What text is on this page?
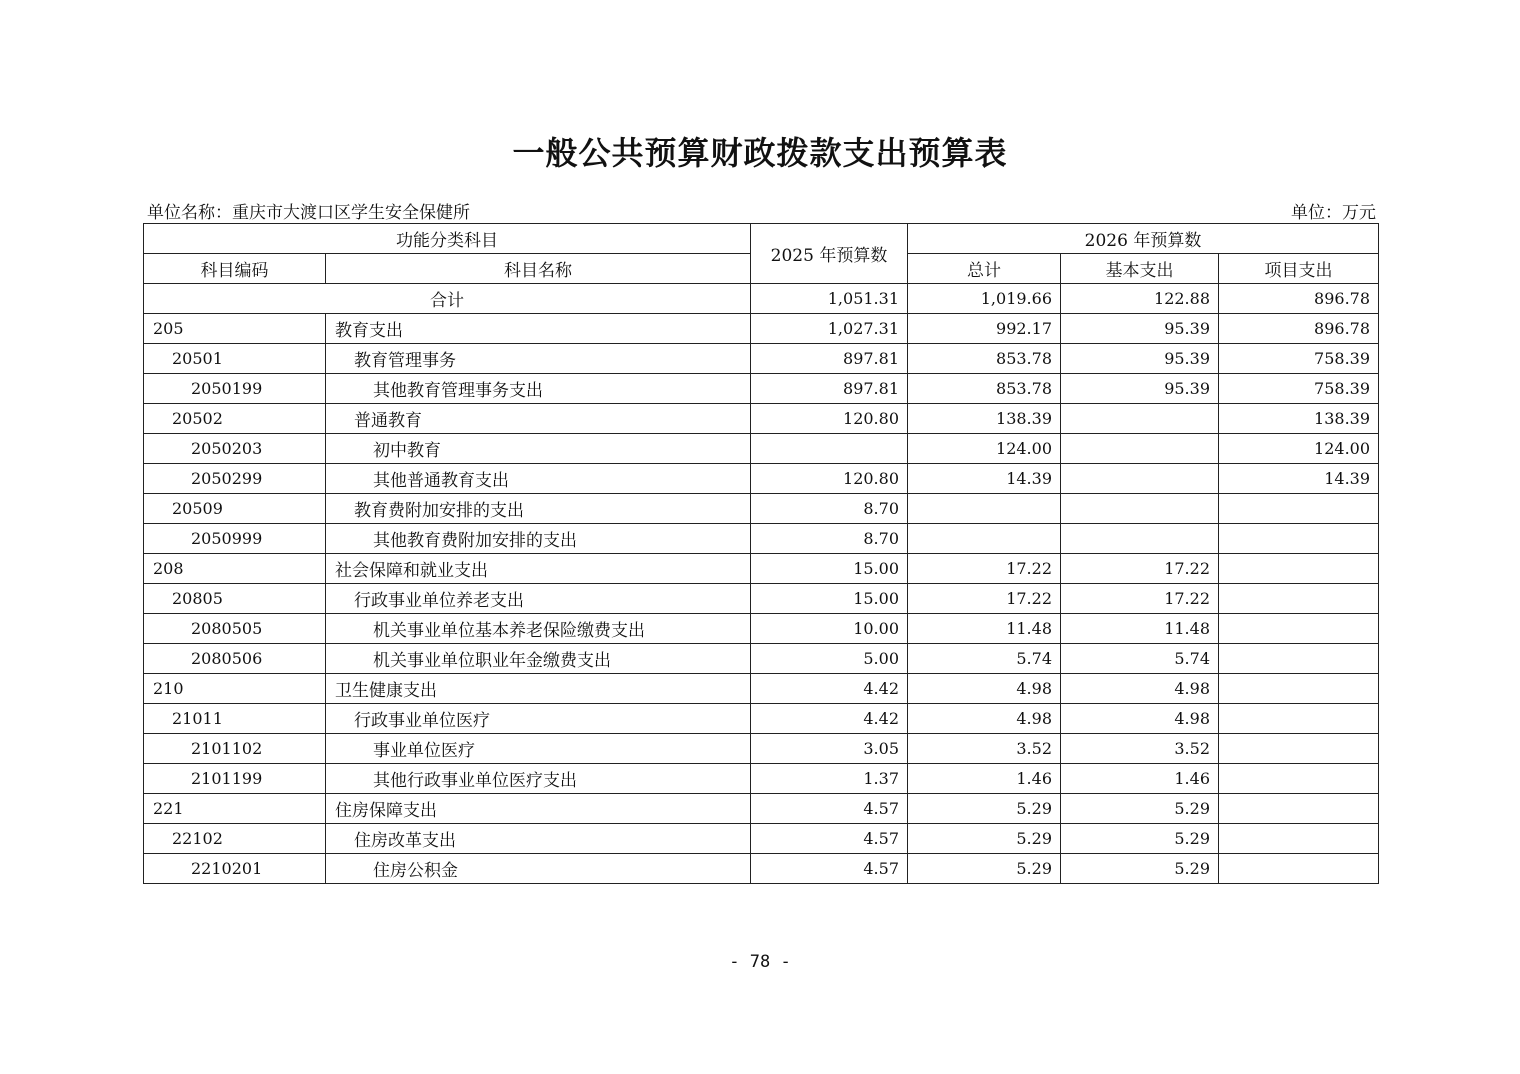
一般公共预算财政拨款支出预算表
单位名称：重庆市大渡口区学生安全保健所	单位：万元
功能分类科目		2025 年预算数	2026 年预算数		
科目编码	科目名称		总计	基本支出	项目支出
合计		1,051.31	1,019.66	122.88	896.78
205	教育支出	1,027.31	992.17	95.39	896.78
20501	教育管理事务	897.81	853.78	95.39	758.39
2050199	其他教育管理事务支出	897.81	853.78	95.39	758.39
20502	普通教育	120.80	138.39		138.39
2050203	初中教育		124.00		124.00
2050299	其他普通教育支出	120.80	14.39		14.39
20509	教育费附加安排的支出	8.70			
2050999	其他教育费附加安排的支出	8.70			
208	社会保障和就业支出	15.00	17.22	17.22	
20805	行政事业单位养老支出	15.00	17.22	17.22	
2080505	机关事业单位基本养老保险缴费支出	10.00	11.48	11.48	
2080506	机关事业单位职业年金缴费支出	5.00	5.74	5.74	
210	卫生健康支出	4.42	4.98	4.98	
21011	行政事业单位医疗	4.42	4.98	4.98	
2101102	事业单位医疗	3.05	3.52	3.52	
2101199	其他行政事业单位医疗支出	1.37	1.46	1.46	
221	住房保障支出	4.57	5.29	5.29	
22102	住房改革支出	4.57	5.29	5.29	
2210201	住房公积金	4.57	5.29	5.29	
- 78 -
